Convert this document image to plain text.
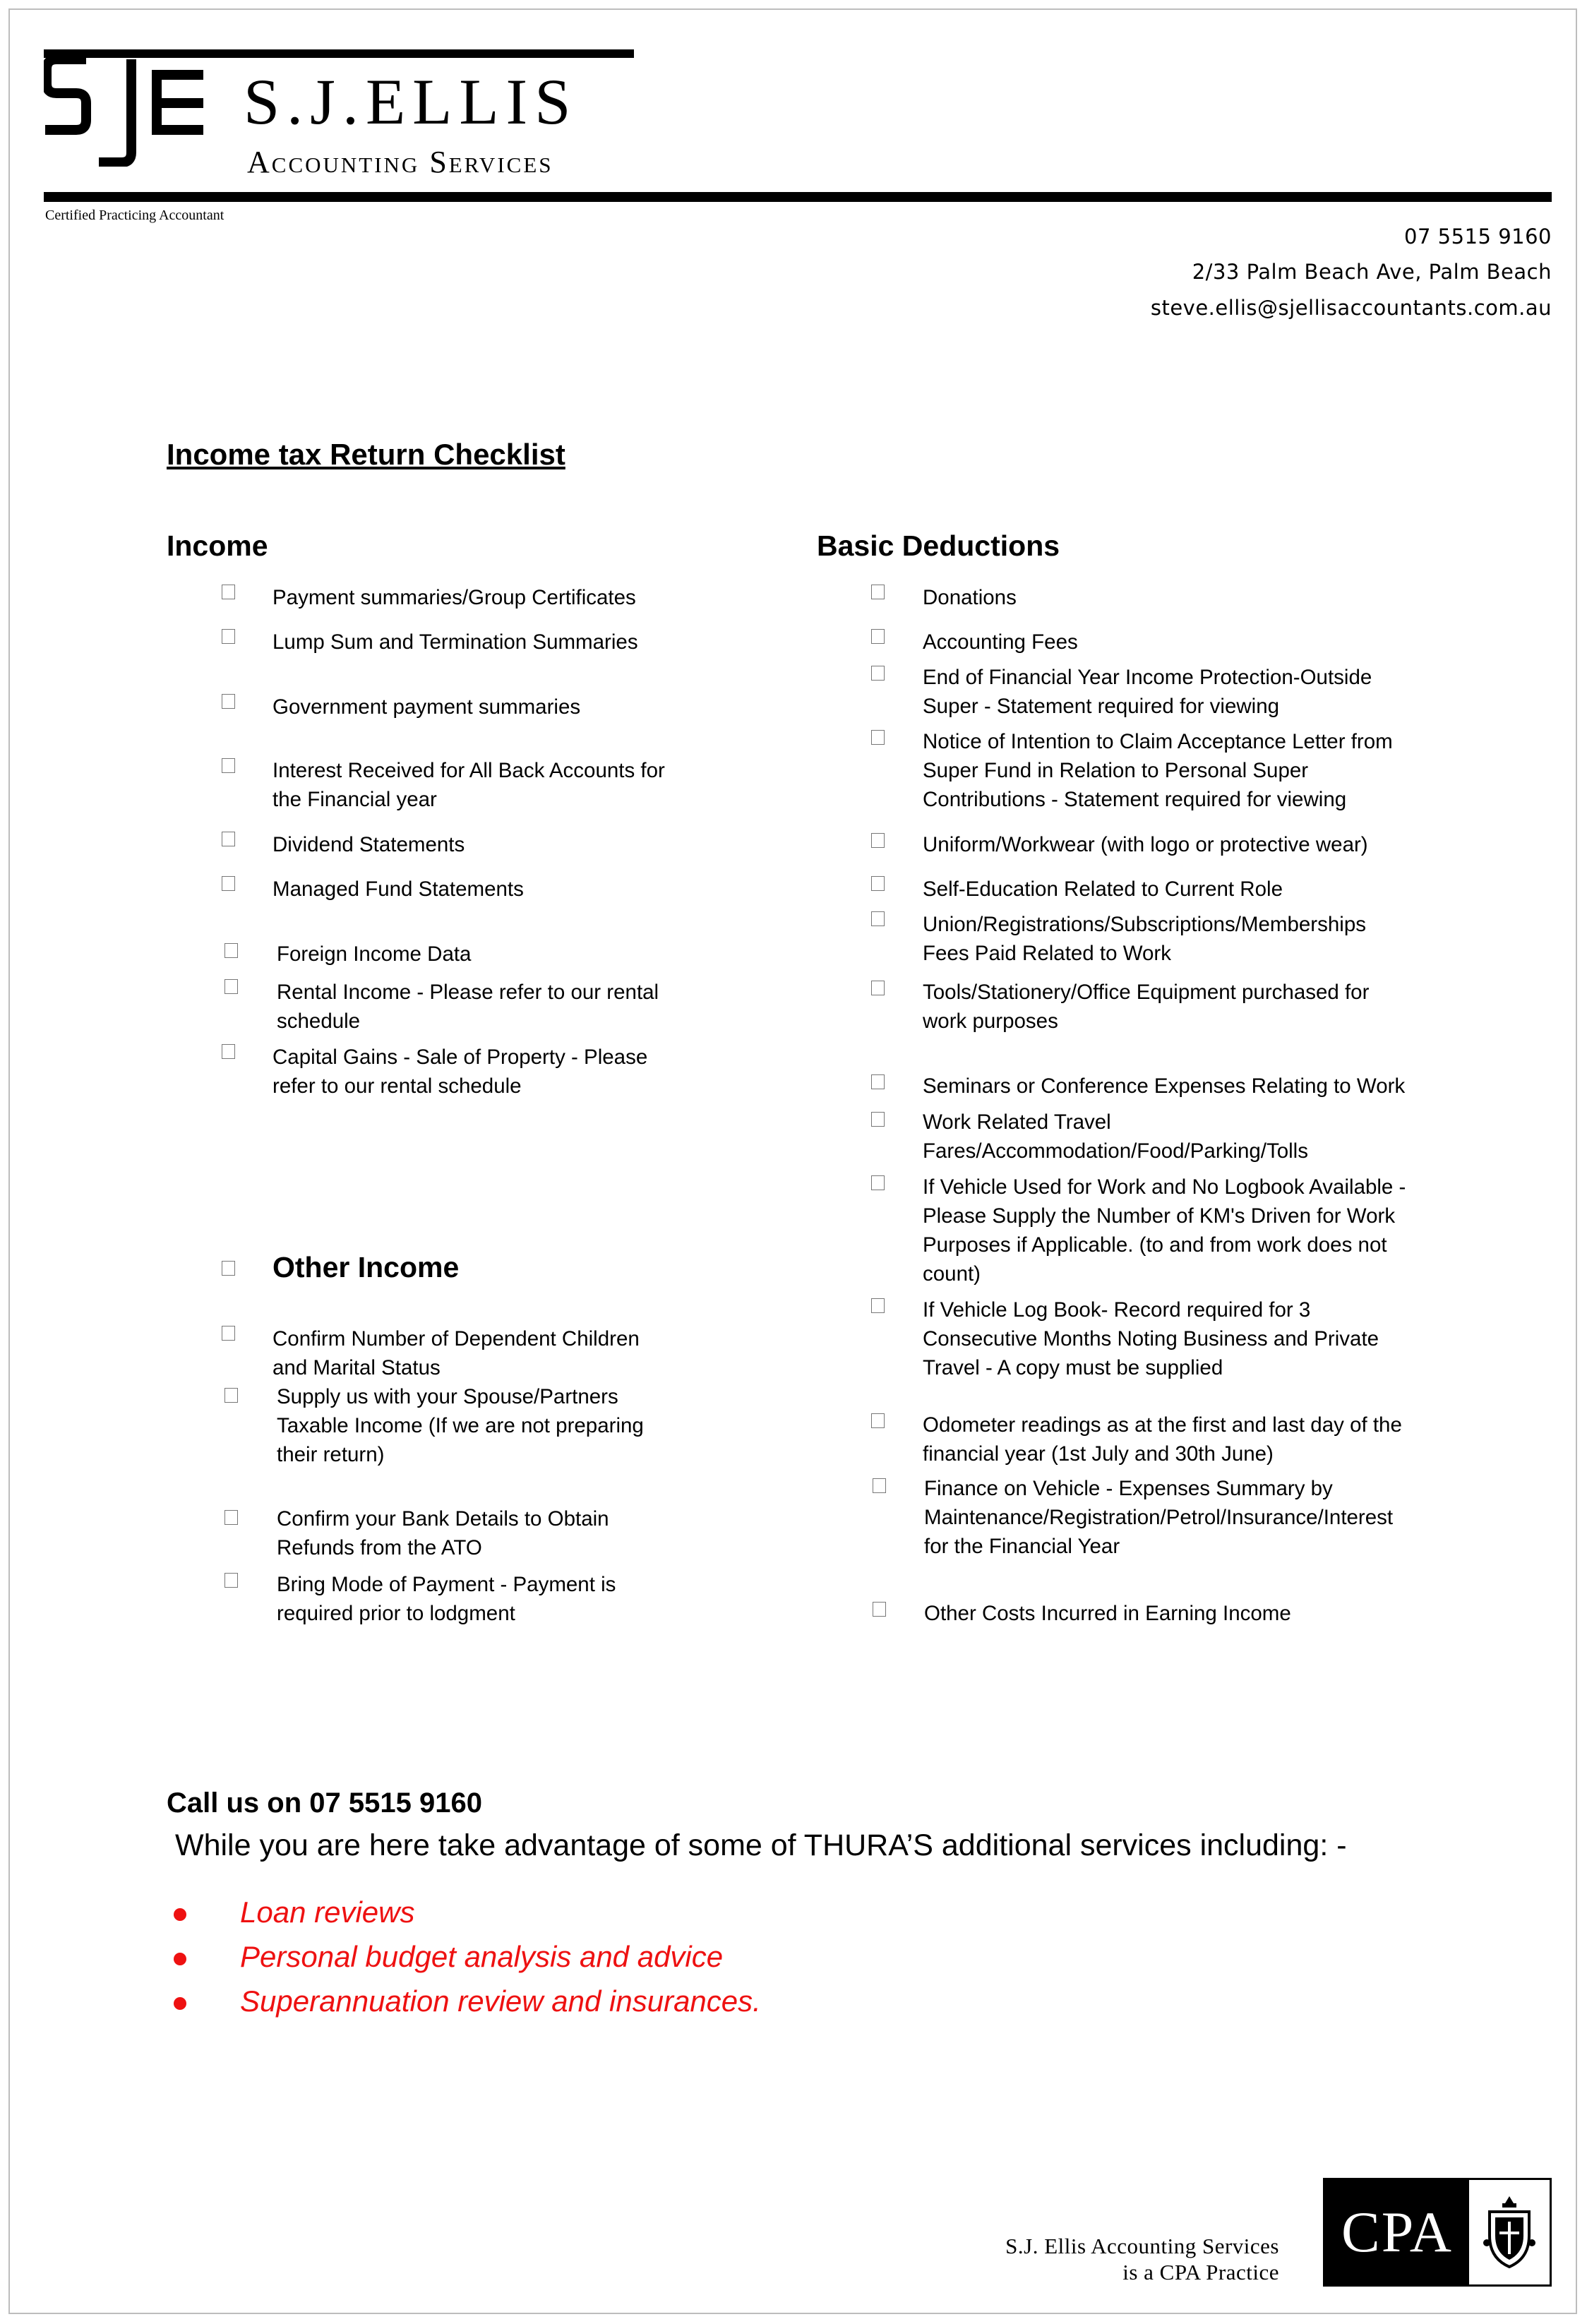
S.J.ELLIS
Accounting Services
Certified Practicing Accountant
07 5515 9160
2/33 Palm Beach Ave, Palm Beach
steve.ellis@sjellisaccountants.com.au
Income tax Return Checklist
Income
Payment summaries/Group Certificates
Lump Sum and Termination Summaries
Government payment summaries
Interest Received for All Back Accounts for
the Financial year
Dividend Statements
Managed Fund Statements
Foreign Income Data
Rental Income - Please refer to our rental
schedule
Capital Gains - Sale of Property - Please
refer to our rental schedule
Other Income
Confirm Number of Dependent Children
and Marital Status
Supply us with your Spouse/Partners
Taxable Income (If we are not preparing
their return)
Confirm your Bank Details to Obtain
Refunds from the ATO
Bring Mode of Payment - Payment is
required prior to lodgment
Basic Deductions
Donations
Accounting Fees
End of Financial Year Income Protection-Outside
Super - Statement required for viewing
Notice of Intention to Claim Acceptance Letter from
Super Fund in Relation to Personal Super
Contributions - Statement required for viewing
Uniform/Workwear (with logo or protective wear)
Self-Education Related to Current Role
Union/Registrations/Subscriptions/Memberships
Fees Paid Related to Work
Tools/Stationery/Office Equipment purchased for
work purposes
Seminars or Conference Expenses Relating to Work
Work Related Travel
Fares/Accommodation/Food/Parking/Tolls
If Vehicle Used for Work and No Logbook Available -
Please Supply the Number of KM's Driven for Work
Purposes if Applicable. (to and from work does not
count)
If Vehicle Log Book- Record required for 3
Consecutive Months Noting Business and Private
Travel - A copy must be supplied
Odometer readings as at the first and last day of the
financial year (1st July and 30th June)
Finance on Vehicle - Expenses Summary by
Maintenance/Registration/Petrol/Insurance/Interest
for the Financial Year
Other Costs Incurred in Earning Income
Call us on 07 5515 9160
While you are here take advantage of some of THURA’S additional services including: -
Loan reviews
Personal budget analysis and advice
Superannuation review and insurances.
S.J. Ellis Accounting Services
is a CPA Practice
CPA
